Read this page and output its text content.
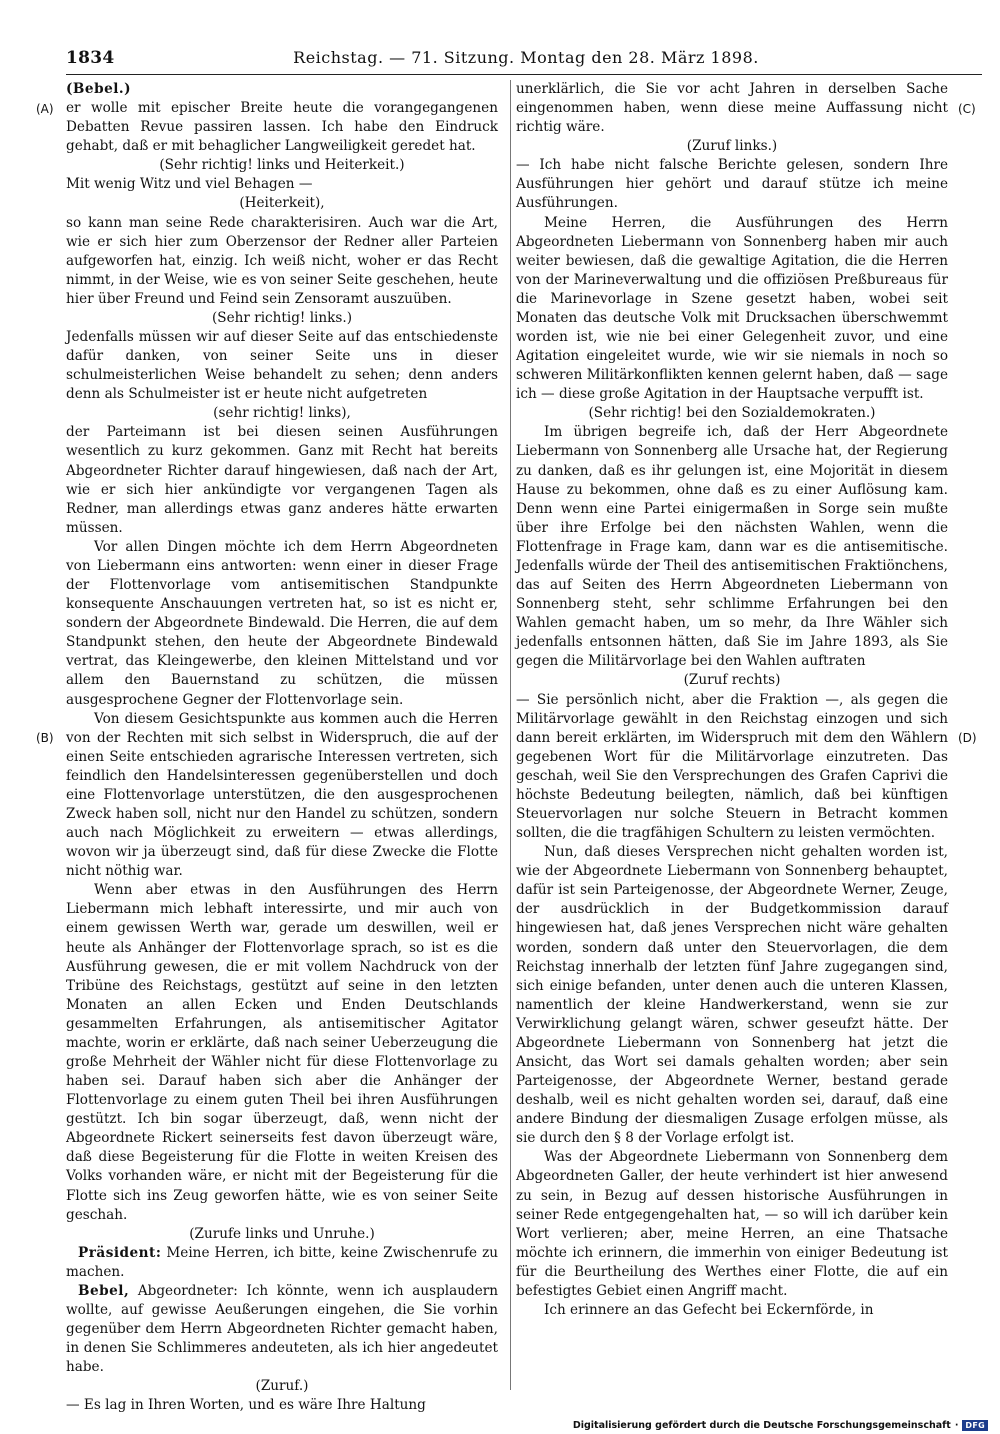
1834	Reichstag. — 71. Sitzung. Montag den 28. März 1898.
(A)
(B)
(C)
(D)

(Bebel.)

er wolle mit epischer Breite heute die vorangegangenen Debatten Revue passiren lassen. Ich habe den Eindruck gehabt, daß er mit behaglicher Langweiligkeit geredet hat.

(Sehr richtig! links und Heiterkeit.)

Mit wenig Witz und viel Behagen —

(Heiterkeit),

so kann man seine Rede charakterisiren. Auch war die Art, wie er sich hier zum Oberzensor der Redner aller Parteien aufgeworfen hat, einzig. Ich weiß nicht, woher er das Recht nimmt, in der Weise, wie es von seiner Seite geschehen, heute hier über Freund und Feind sein Zensoramt auszuüben.

(Sehr richtig! links.)

Jedenfalls müssen wir auf dieser Seite auf das entschiedenste dafür danken, von seiner Seite uns in dieser schulmeisterlichen Weise behandelt zu sehen; denn anders denn als Schulmeister ist er heute nicht aufgetreten

(sehr richtig! links),

der Parteimann ist bei diesen seinen Ausführungen wesentlich zu kurz gekommen. Ganz mit Recht hat bereits Abgeordneter Richter darauf hingewiesen, daß nach der Art, wie er sich hier ankündigte vor vergangenen Tagen als Redner, man allerdings etwas ganz anderes hätte erwarten müssen.

Vor allen Dingen möchte ich dem Herrn Abgeordneten von Liebermann eins antworten: wenn einer in dieser Frage der Flottenvorlage vom antisemitischen Standpunkte konsequente Anschauungen vertreten hat, so ist es nicht er, sondern der Abgeordnete Bindewald. Die Herren, die auf dem Standpunkt stehen, den heute der Abgeordnete Bindewald vertrat, das Kleingewerbe, den kleinen Mittelstand und vor allem den Bauernstand zu schützen, die müssen ausgesprochene Gegner der Flottenvorlage sein.

Von diesem Gesichtspunkte aus kommen auch die Herren von der Rechten mit sich selbst in Widerspruch, die auf der einen Seite entschieden agrarische Interessen vertreten, sich feindlich den Handelsinteressen gegenüberstellen und doch eine Flottenvorlage unterstützen, die den ausgesprochenen Zweck haben soll, nicht nur den Handel zu schützen, sondern auch nach Möglichkeit zu erweitern — etwas allerdings, wovon wir ja überzeugt sind, daß für diese Zwecke die Flotte nicht nöthig war.

Wenn aber etwas in den Ausführungen des Herrn Liebermann mich lebhaft interessirte, und mir auch von einem gewissen Werth war, gerade um deswillen, weil er heute als Anhänger der Flottenvorlage sprach, so ist es die Ausführung gewesen, die er mit vollem Nachdruck von der Tribüne des Reichstags, gestützt auf seine in den letzten Monaten an allen Ecken und Enden Deutschlands gesammelten Erfahrungen, als antisemitischer Agitator machte, worin er erklärte, daß nach seiner Ueberzeugung die große Mehrheit der Wähler nicht für diese Flottenvorlage zu haben sei. Darauf haben sich aber die Anhänger der Flottenvorlage zu einem guten Theil bei ihren Ausführungen gestützt. Ich bin sogar überzeugt, daß, wenn nicht der Abgeordnete Rickert seinerseits fest davon überzeugt wäre, daß diese Begeisterung für die Flotte in weiten Kreisen des Volks vorhanden wäre, er nicht mit der Begeisterung für die Flotte sich ins Zeug geworfen hätte, wie es von seiner Seite geschah.

(Zurufe links und Unruhe.)

Präsident: Meine Herren, ich bitte, keine Zwischenrufe zu machen.

Bebel, Abgeordneter: Ich könnte, wenn ich ausplaudern wollte, auf gewisse Aeußerungen eingehen, die Sie vorhin gegenüber dem Herrn Abgeordneten Richter gemacht haben, in denen Sie Schlimmeres andeuteten, als ich hier angedeutet habe.

(Zuruf.)

— Es lag in Ihren Worten, und es wäre Ihre Haltung

unerklärlich, die Sie vor acht Jahren in derselben Sache eingenommen haben, wenn diese meine Auffassung nicht richtig wäre.

(Zuruf links.)

— Ich habe nicht falsche Berichte gelesen, sondern Ihre Ausführungen hier gehört und darauf stütze ich meine Ausführungen.

Meine Herren, die Ausführungen des Herrn Abgeordneten Liebermann von Sonnenberg haben mir auch weiter bewiesen, daß die gewaltige Agitation, die die Herren von der Marineverwaltung und die offiziösen Preßbureaus für die Marinevorlage in Szene gesetzt haben, wobei seit Monaten das deutsche Volk mit Drucksachen überschwemmt worden ist, wie nie bei einer Gelegenheit zuvor, und eine Agitation eingeleitet wurde, wie wir sie niemals in noch so schweren Militärkonflikten kennen gelernt haben, daß — sage ich — diese große Agitation in der Hauptsache verpufft ist.

(Sehr richtig! bei den Sozialdemokraten.)

Im übrigen begreife ich, daß der Herr Abgeordnete Liebermann von Sonnenberg alle Ursache hat, der Regierung zu danken, daß es ihr gelungen ist, eine Mojorität in diesem Hause zu bekommen, ohne daß es zu einer Auflösung kam. Denn wenn eine Partei einigermaßen in Sorge sein mußte über ihre Erfolge bei den nächsten Wahlen, wenn die Flottenfrage in Frage kam, dann war es die antisemitische. Jedenfalls würde der Theil des antisemitischen Fraktiönchens, das auf Seiten des Herrn Abgeordneten Liebermann von Sonnenberg steht, sehr schlimme Erfahrungen bei den Wahlen gemacht haben, um so mehr, da Ihre Wähler sich jedenfalls entsonnen hätten, daß Sie im Jahre 1893, als Sie gegen die Militärvorlage bei den Wahlen auftraten

(Zuruf rechts)

— Sie persönlich nicht, aber die Fraktion —, als gegen die Militärvorlage gewählt in den Reichstag einzogen und sich dann bereit erklärten, im Widerspruch mit dem den Wählern gegebenen Wort für die Militärvorlage einzutreten. Das geschah, weil Sie den Versprechungen des Grafen Caprivi die höchste Bedeutung beilegten, nämlich, daß bei künftigen Steuervorlagen nur solche Steuern in Betracht kommen sollten, die die tragfähigen Schultern zu leisten vermöchten.

Nun, daß dieses Versprechen nicht gehalten worden ist, wie der Abgeordnete Liebermann von Sonnenberg behauptet, dafür ist sein Parteigenosse, der Abgeordnete Werner, Zeuge, der ausdrücklich in der Budgetkommission darauf hingewiesen hat, daß jenes Versprechen nicht wäre gehalten worden, sondern daß unter den Steuervorlagen, die dem Reichstag innerhalb der letzten fünf Jahre zugegangen sind, sich einige befanden, unter denen auch die unteren Klassen, namentlich der kleine Handwerkerstand, wenn sie zur Verwirklichung gelangt wären, schwer geseufzt hätte. Der Abgeordnete Liebermann von Sonnenberg hat jetzt die Ansicht, das Wort sei damals gehalten worden; aber sein Parteigenosse, der Abgeordnete Werner, bestand gerade deshalb, weil es nicht gehalten worden sei, darauf, daß eine andere Bindung der diesmaligen Zusage erfolgen müsse, als sie durch den § 8 der Vorlage erfolgt ist.

Was der Abgeordnete Liebermann von Sonnenberg dem Abgeordneten Galler, der heute verhindert ist hier anwesend zu sein, in Bezug auf dessen historische Ausführungen in seiner Rede entgegengehalten hat, — so will ich darüber kein Wort verlieren; aber, meine Herren, an eine Thatsache möchte ich erinnern, die immerhin von einiger Bedeutung ist für die Beurtheilung des Werthes einer Flotte, die auf ein befestigtes Gebiet einen Angriff macht.

Ich erinnere an das Gefecht bei Eckernförde, in

Digitalisierung gefördert durch die Deutsche Forschungsgemeinschaft · DFG
